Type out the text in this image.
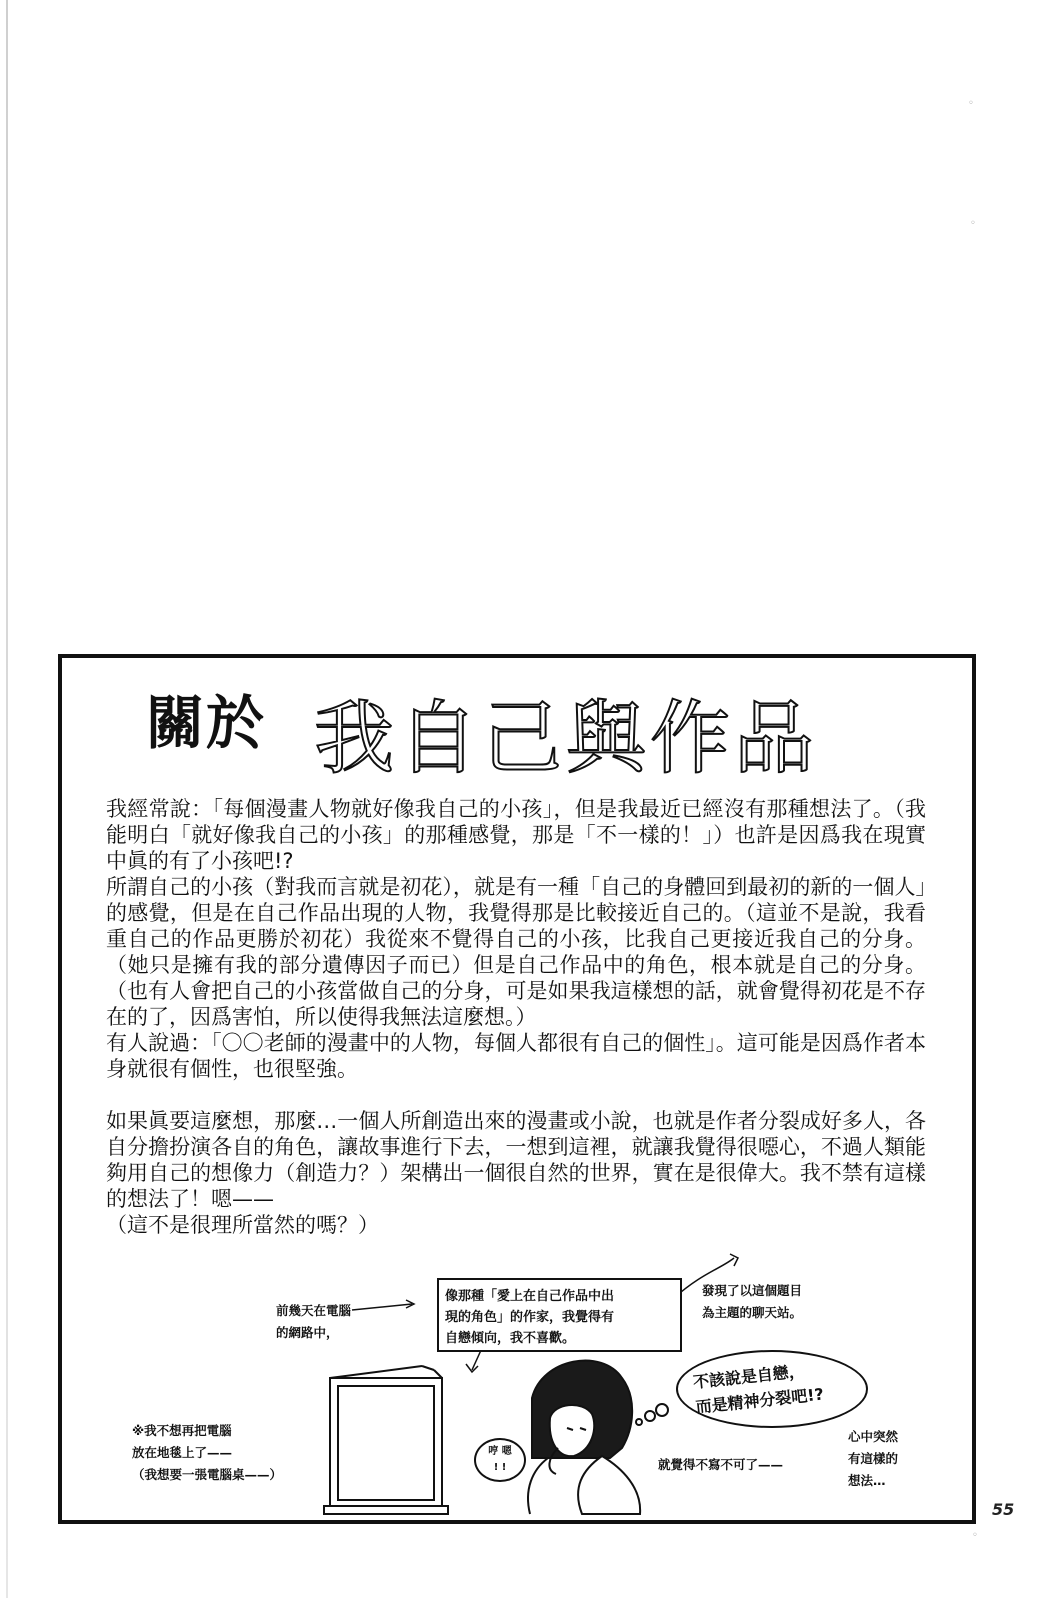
◦
◦
◦
關於 我自己與作品

我經常說：「每個漫畫人物就好像我自己的小孩」，但是我最近已經沒有那種想法了。（我能明白「就好像我自己的小孩」的那種感覺，那是「不一樣的！」）也許是因爲我在現實中眞的有了小孩吧!?

所謂自己的小孩（對我而言就是初花），就是有一種「自己的身體回到最初的新的一個人」的感覺，但是在自己作品出現的人物，我覺得那是比較接近自己的。（這並不是說，我看重自己的作品更勝於初花）我從來不覺得自己的小孩，比我自己更接近我自己的分身。（她只是擁有我的部分遺傳因子而已）但是自己作品中的角色，根本就是自己的分身。（也有人會把自己的小孩當做自己的分身，可是如果我這樣想的話，就會覺得初花是不存在的了，因爲害怕，所以使得我無法這麼想。）

有人說過：「〇〇老師的漫畫中的人物，每個人都很有自己的個性」。這可能是因爲作者本身就很有個性，也很堅強。

如果眞要這麼想，那麼…一個人所創造出來的漫畫或小說，也就是作者分裂成好多人，各自分擔扮演各自的角色，讓故事進行下去，一想到這裡，就讓我覺得很噁心，不過人類能夠用自己的想像力（創造力？）架構出一個很自然的世界，實在是很偉大。我不禁有這樣的想法了！嗯——

（這不是很理所當然的嗎？）

前幾天在電腦
的網路中，
像那種「愛上在自己作品中出
現的角色」的作家，我覺得有
自戀傾向，我不喜歡。
發現了以這個題目
為主題的聊天站。
不該說是自戀，
而是精神分裂吧!?
※我不想再把電腦
放在地毯上了——
（我想要一張電腦桌——）
哼 嗯
! !	就覺得不寫不可了——
心中突然
有這樣的
想法…
55
